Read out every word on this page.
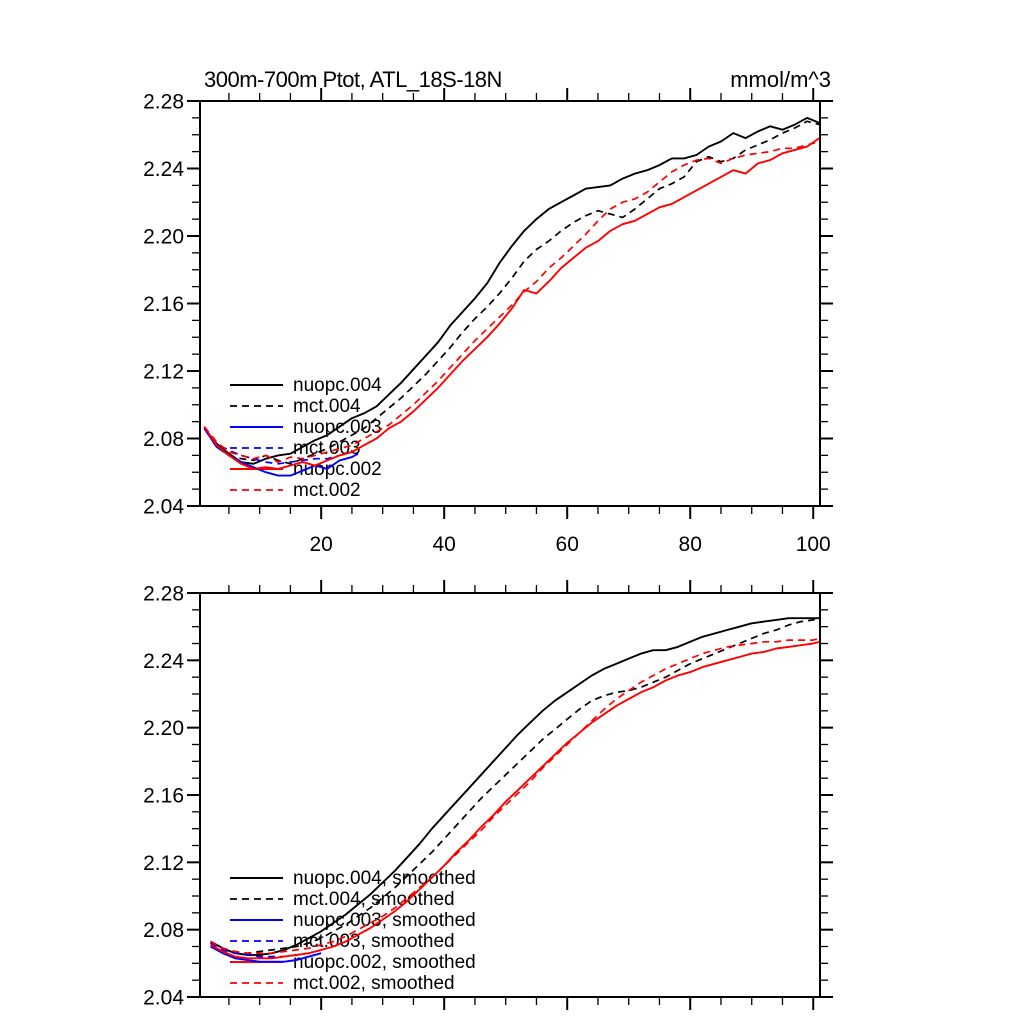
2.04
2.08
2.12
2.16
2.20
2.24
2.28
20	40	60	80	100
300m-700m Ptot, ATL_18S-18N	mmol/m^3
nuopc.004
mct.004
nuopc.003
mct.003
nuopc.002
mct.002
2.04
2.08
2.12
2.16
2.20
2.24
2.28
nuopc.004, smoothed
mct.004, smoothed
nuopc.003, smoothed
mct.003, smoothed
nuopc.002, smoothed
mct.002, smoothed
